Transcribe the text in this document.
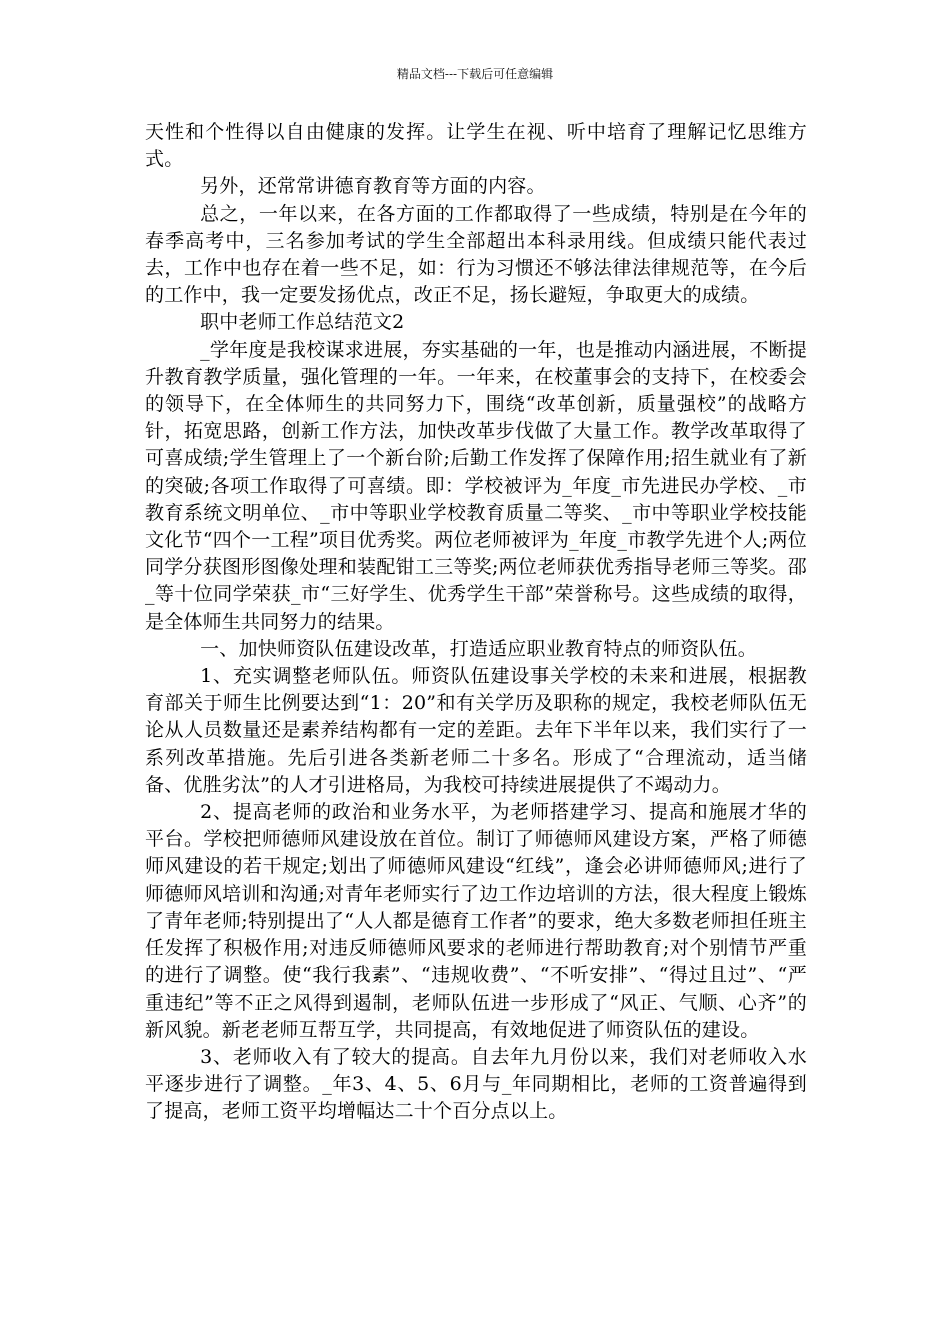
精品文档---下载后可任意编辑

天性和个性得以自由健康的发挥。让学生在视、听中培育了理解记忆思维方式。

另外，还常常讲德育教育等方面的内容。

总之，一年以来，在各方面的工作都取得了一些成绩，特别是在今年的春季高考中，三名参加考试的学生全部超出本科录用线。但成绩只能代表过去，工作中也存在着一些不足，如：行为习惯还不够法律法律规范等，在今后的工作中，我一定要发扬优点，改正不足，扬长避短，争取更大的成绩。

职中老师工作总结范文2

_学年度是我校谋求进展，夯实基础的一年，也是推动内涵进展，不断提升教育教学质量，强化管理的一年。一年来，在校董事会的支持下，在校委会的领导下，在全体师生的共同努力下，围绕“改革创新，质量强校”的战略方针，拓宽思路，创新工作方法，加快改革步伐做了大量工作。教学改革取得了可喜成绩;学生管理上了一个新台阶;后勤工作发挥了保障作用;招生就业有了新的突破;各项工作取得了可喜绩。即：学校被评为_年度_市先进民办学校、_市教育系统文明单位、_市中等职业学校教育质量二等奖、_市中等职业学校技能文化节“四个一工程”项目优秀奖。两位老师被评为_年度_市教学先进个人;两位同学分获图形图像处理和装配钳工三等奖;两位老师获优秀指导老师三等奖。邵_等十位同学荣获_市“三好学生、优秀学生干部”荣誉称号。这些成绩的取得，是全体师生共同努力的结果。

一、加快师资队伍建设改革，打造适应职业教育特点的师资队伍。

1、充实调整老师队伍。师资队伍建设事关学校的未来和进展，根据教育部关于师生比例要达到“1：20”和有关学历及职称的规定，我校老师队伍无论从人员数量还是素养结构都有一定的差距。去年下半年以来，我们实行了一系列改革措施。先后引进各类新老师二十多名。形成了“合理流动，适当储备、优胜劣汰”的人才引进格局，为我校可持续进展提供了不竭动力。

2、提高老师的政治和业务水平，为老师搭建学习、提高和施展才华的平台。学校把师德师风建设放在首位。制订了师德师风建设方案，严格了师德师风建设的若干规定;划出了师德师风建设“红线”，逢会必讲师德师风;进行了师德师风培训和沟通;对青年老师实行了边工作边培训的方法，很大程度上锻炼了青年老师;特别提出了“人人都是德育工作者”的要求，绝大多数老师担任班主任发挥了积极作用;对违反师德师风要求的老师进行帮助教育;对个别情节严重的进行了调整。使“我行我素”、“违规收费”、“不听安排”、“得过且过”、“严重违纪”等不正之风得到遏制，老师队伍进一步形成了“风正、气顺、心齐”的新风貌。新老老师互帮互学，共同提高，有效地促进了师资队伍的建设。

3、老师收入有了较大的提高。自去年九月份以来，我们对老师收入水平逐步进行了调整。_年3、4、5、6月与_年同期相比，老师的工资普遍得到了提高，老师工资平均增幅达二十个百分点以上。
